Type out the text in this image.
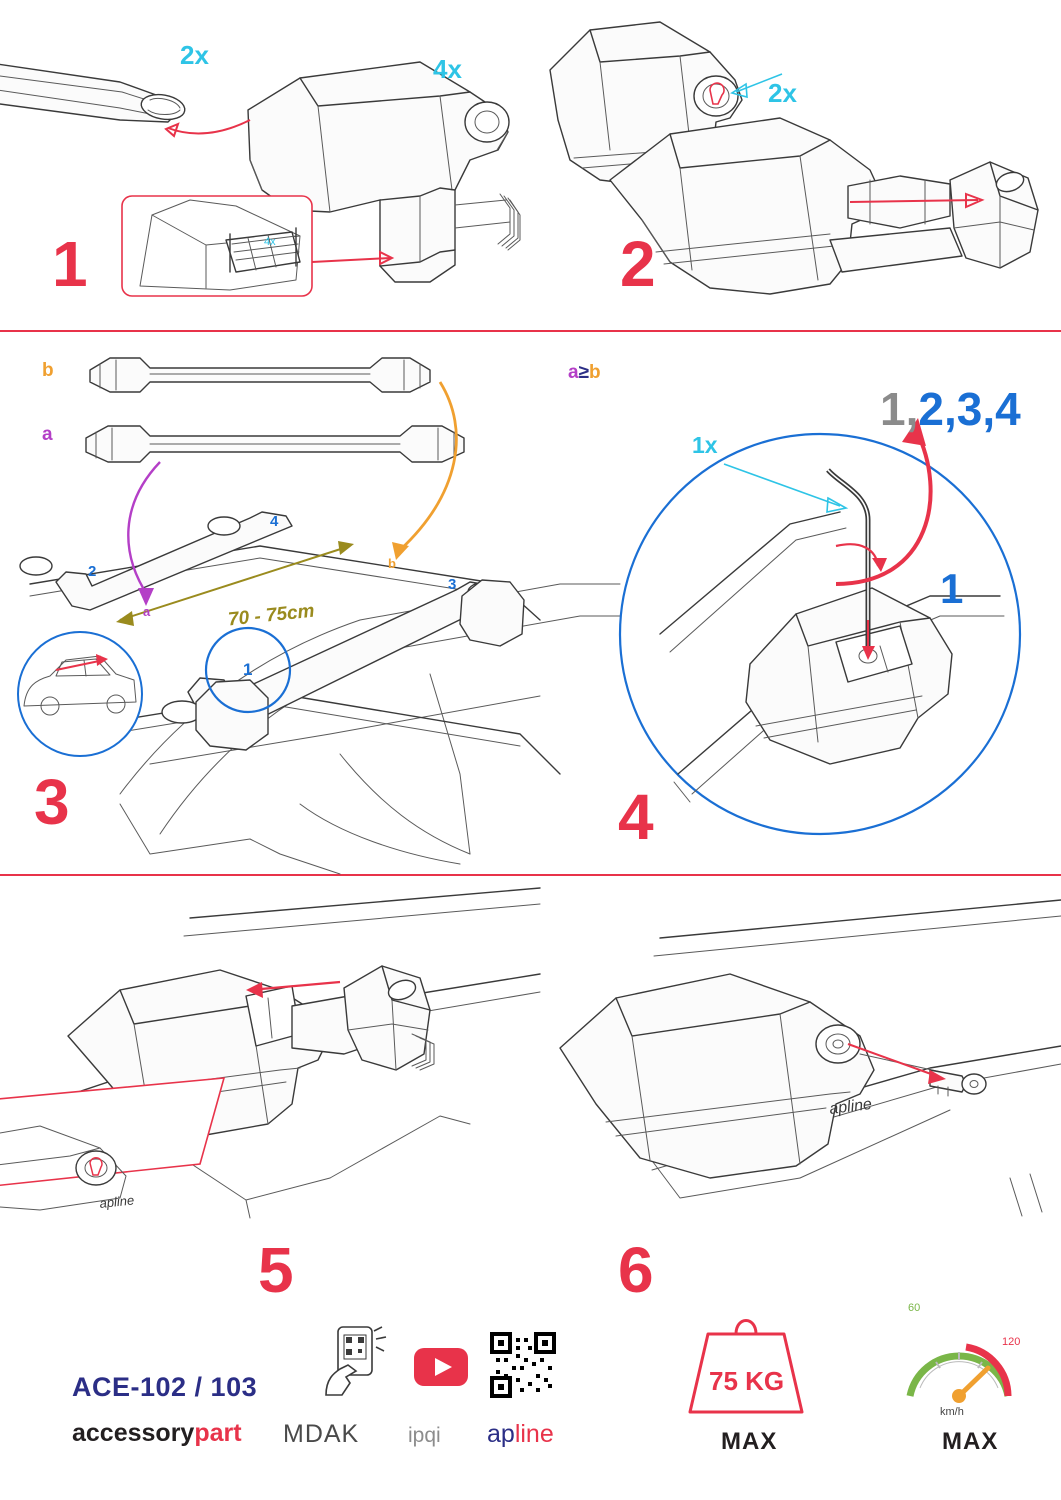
4x
2x	4x
1
2x
2
b
a
a
b
70 - 75cm
2
4
3
1
3
a≥b
1x
1,2,3,4
1
4
apline
5
apline
6
ACE-102 / 103
accessorypart MDAK ipqi apline
75 KG
MAX
60
120
km/h
MAX
